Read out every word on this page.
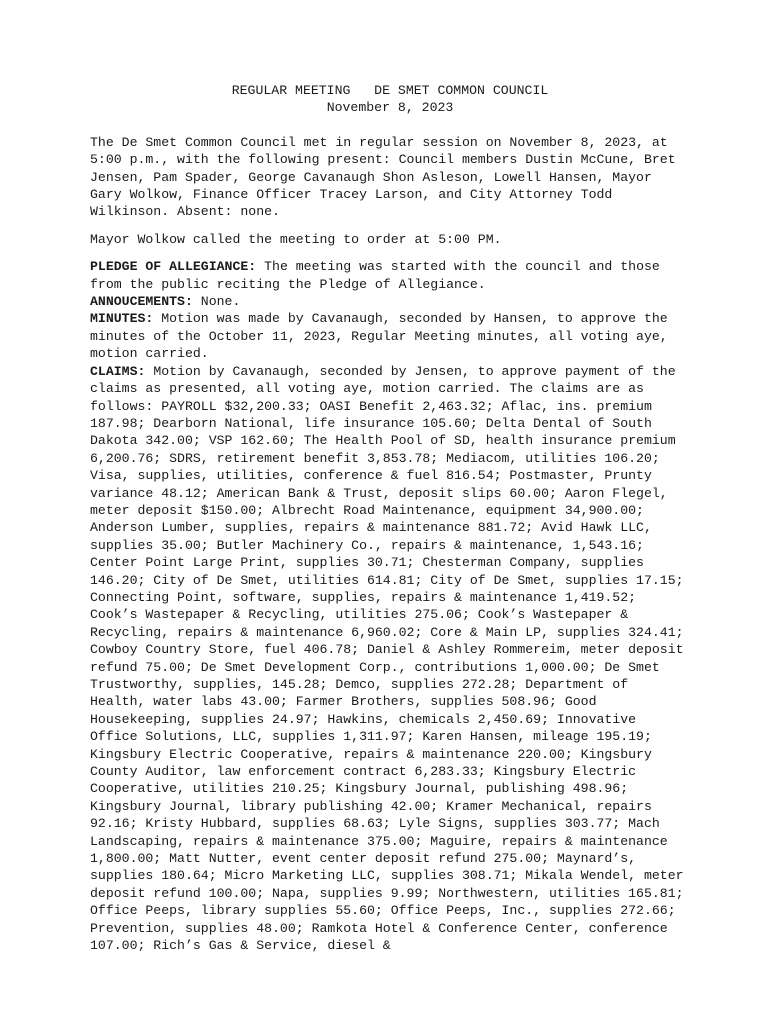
REGULAR MEETING   DE SMET COMMON COUNCIL
November 8, 2023

The De Smet Common Council met in regular session on November 8, 2023, at 5:00 p.m., with the following present: Council members Dustin McCune, Bret Jensen, Pam Spader, George Cavanaugh Shon Asleson, Lowell Hansen, Mayor Gary Wolkow, Finance Officer Tracey Larson, and City Attorney Todd Wilkinson. Absent: none.

Mayor Wolkow called the meeting to order at 5:00 PM.

PLEDGE OF ALLEGIANCE: The meeting was started with the council and those from the public reciting the Pledge of Allegiance.

ANNOUCEMENTS: None.

MINUTES: Motion was made by Cavanaugh, seconded by Hansen, to approve the minutes of the October 11, 2023, Regular Meeting minutes, all voting aye, motion carried.

CLAIMS: Motion by Cavanaugh, seconded by Jensen, to approve payment of the claims as presented, all voting aye, motion carried. The claims are as follows: PAYROLL $32,200.33; OASI Benefit 2,463.32; Aflac, ins. premium 187.98; Dearborn National, life insurance 105.60; Delta Dental of South Dakota 342.00; VSP 162.60; The Health Pool of SD, health insurance premium 6,200.76; SDRS, retirement benefit 3,853.78; Mediacom, utilities 106.20; Visa, supplies, utilities, conference & fuel 816.54; Postmaster, Prunty variance 48.12; American Bank & Trust, deposit slips 60.00; Aaron Flegel, meter deposit $150.00; Albrecht Road Maintenance, equipment 34,900.00; Anderson Lumber, supplies, repairs & maintenance 881.72; Avid Hawk LLC, supplies 35.00; Butler Machinery Co., repairs & maintenance, 1,543.16; Center Point Large Print, supplies 30.71; Chesterman Company, supplies 146.20; City of De Smet, utilities 614.81; City of De Smet, supplies 17.15; Connecting Point, software, supplies, repairs & maintenance 1,419.52; Cook’s Wastepaper & Recycling, utilities 275.06; Cook’s Wastepaper & Recycling, repairs & maintenance 6,960.02; Core & Main LP, supplies 324.41; Cowboy Country Store, fuel 406.78; Daniel & Ashley Rommereim, meter deposit refund 75.00; De Smet Development Corp., contributions 1,000.00; De Smet Trustworthy, supplies, 145.28; Demco, supplies 272.28; Department of Health, water labs 43.00; Farmer Brothers, supplies 508.96; Good Housekeeping, supplies 24.97; Hawkins, chemicals 2,450.69; Innovative Office Solutions, LLC, supplies 1,311.97; Karen Hansen, mileage 195.19; Kingsbury Electric Cooperative, repairs & maintenance 220.00; Kingsbury County Auditor, law enforcement contract 6,283.33; Kingsbury Electric Cooperative, utilities 210.25; Kingsbury Journal, publishing 498.96; Kingsbury Journal, library publishing 42.00; Kramer Mechanical, repairs 92.16; Kristy Hubbard, supplies 68.63; Lyle Signs, supplies 303.77; Mach Landscaping, repairs & maintenance 375.00; Maguire, repairs & maintenance 1,800.00; Matt Nutter, event center deposit refund 275.00; Maynard’s, supplies 180.64; Micro Marketing LLC, supplies 308.71; Mikala Wendel, meter deposit refund 100.00; Napa, supplies 9.99; Northwestern, utilities 165.81; Office Peeps, library supplies 55.60; Office Peeps, Inc., supplies 272.66; Prevention, supplies 48.00; Ramkota Hotel & Conference Center, conference 107.00; Rich’s Gas & Service, diesel &
